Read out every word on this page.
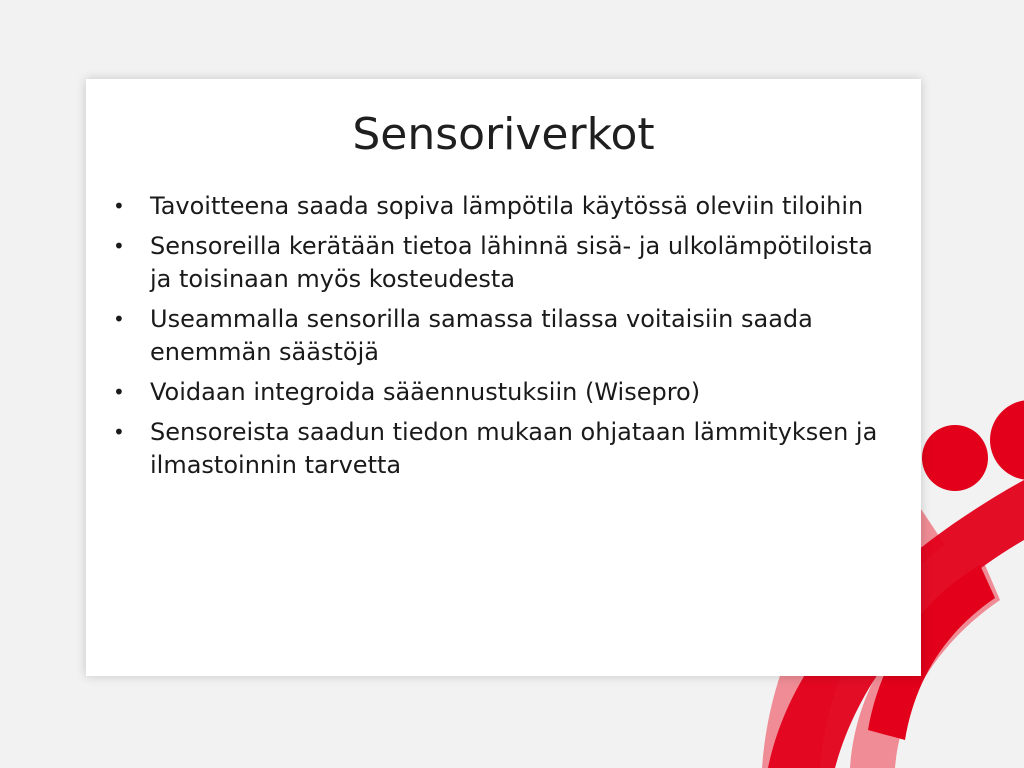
Sensoriverkot
• Tavoitteena saada sopiva lämpötila käytössä oleviin tiloihin
• Sensoreilla kerätään tietoa lähinnä sisä- ja ulkolämpötiloista ja toisinaan myös kosteudesta
• Useammalla sensorilla samassa tilassa voitaisiin saada enemmän säästöjä
• Voidaan integroida sääennustuksiin (Wisepro)
• Sensoreista saadun tiedon mukaan ohjataan lämmityksen ja ilmastoinnin tarvetta
